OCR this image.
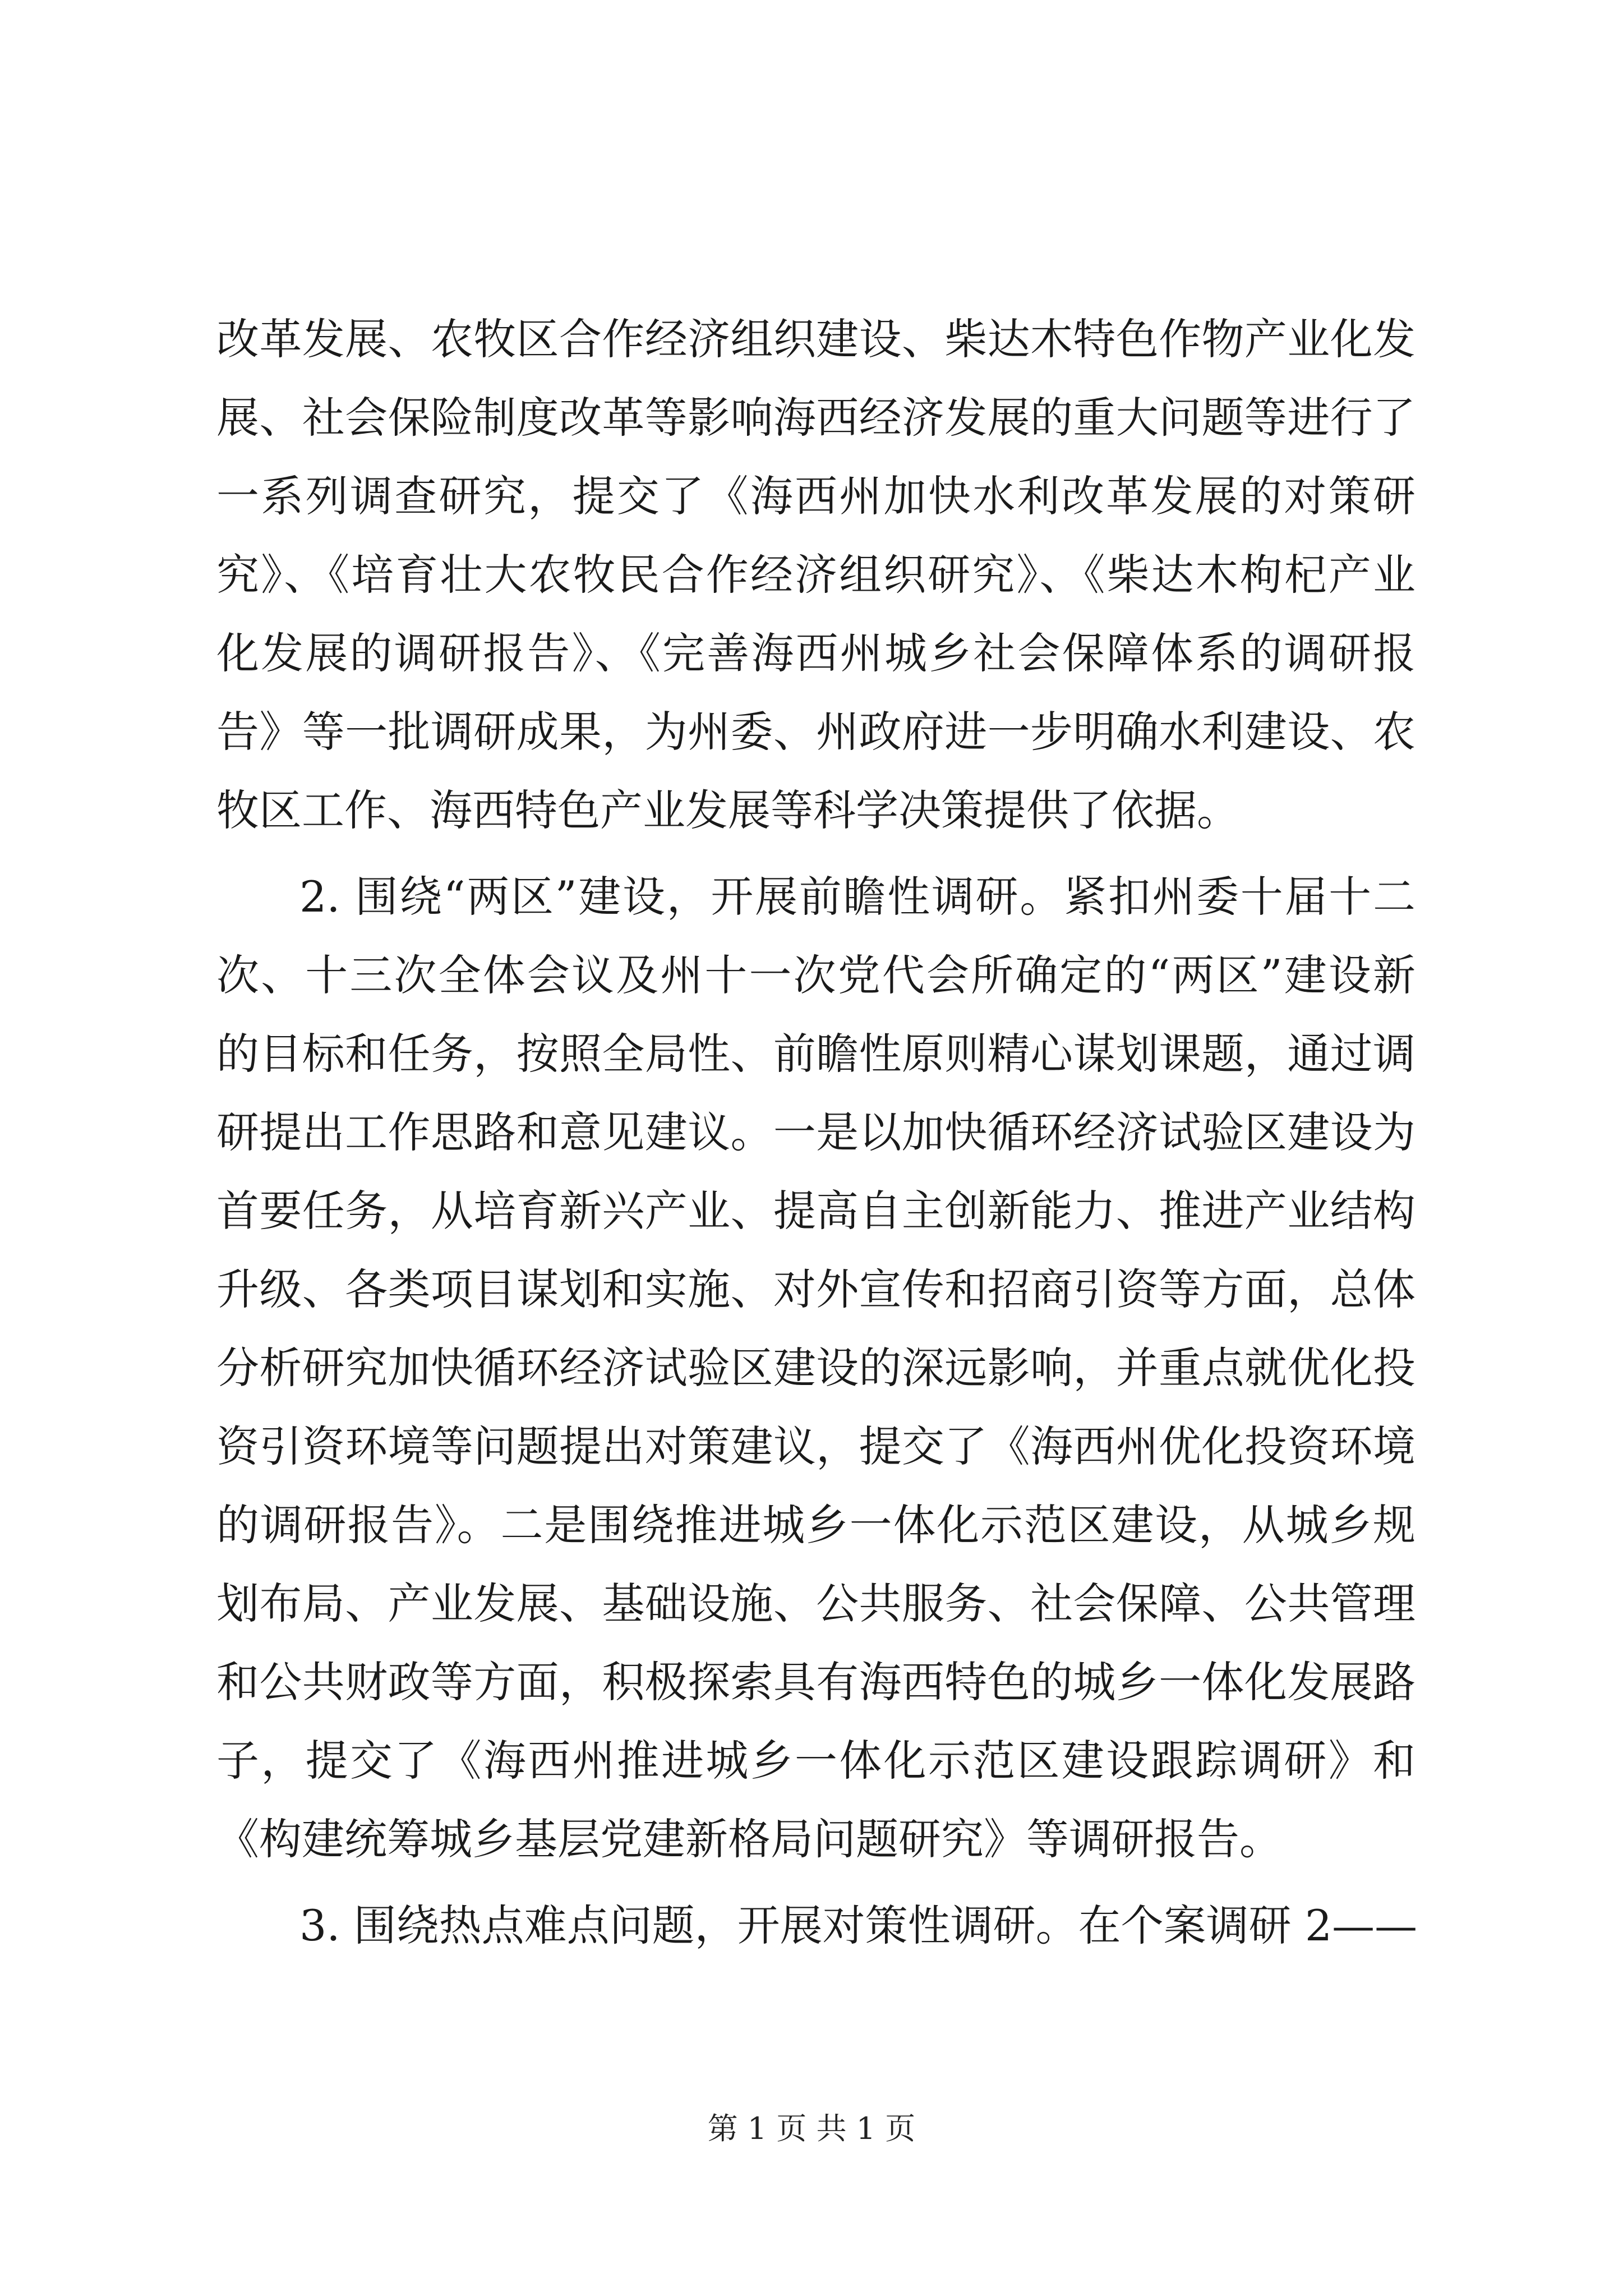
改革发展、农牧区合作经济组织建设、柴达木特色作物产业化发
展、社会保险制度改革等影响海西经济发展的重大问题等进行了
一系列调查研究，提交了《海西州加快水利改革发展的对策研
究》、《培育壮大农牧民合作经济组织研究》、《柴达木枸杞产业
化发展的调研报告》、《完善海西州城乡社会保障体系的调研报
告》等一批调研成果，为州委、州政府进一步明确水利建设、农
牧区工作、海西特色产业发展等科学决策提供了依据。
2. 围绕“两区”建设，开展前瞻性调研。紧扣州委十届十二
次、十三次全体会议及州十一次党代会所确定的“两区”建设新
的目标和任务，按照全局性、前瞻性原则精心谋划课题，通过调
研提出工作思路和意见建议。一是以加快循环经济试验区建设为
首要任务，从培育新兴产业、提高自主创新能力、推进产业结构
升级、各类项目谋划和实施、对外宣传和招商引资等方面，总体
分析研究加快循环经济试验区建设的深远影响，并重点就优化投
资引资环境等问题提出对策建议，提交了《海西州优化投资环境
的调研报告》。二是围绕推进城乡一体化示范区建设，从城乡规
划布局、产业发展、基础设施、公共服务、社会保障、公共管理
和公共财政等方面，积极探索具有海西特色的城乡一体化发展路
子，提交了《海西州推进城乡一体化示范区建设跟踪调研》和
《构建统筹城乡基层党建新格局问题研究》等调研报告。
3. 围绕热点难点问题，开展对策性调研。在个案调研 2——
第 1 页 共 1 页
